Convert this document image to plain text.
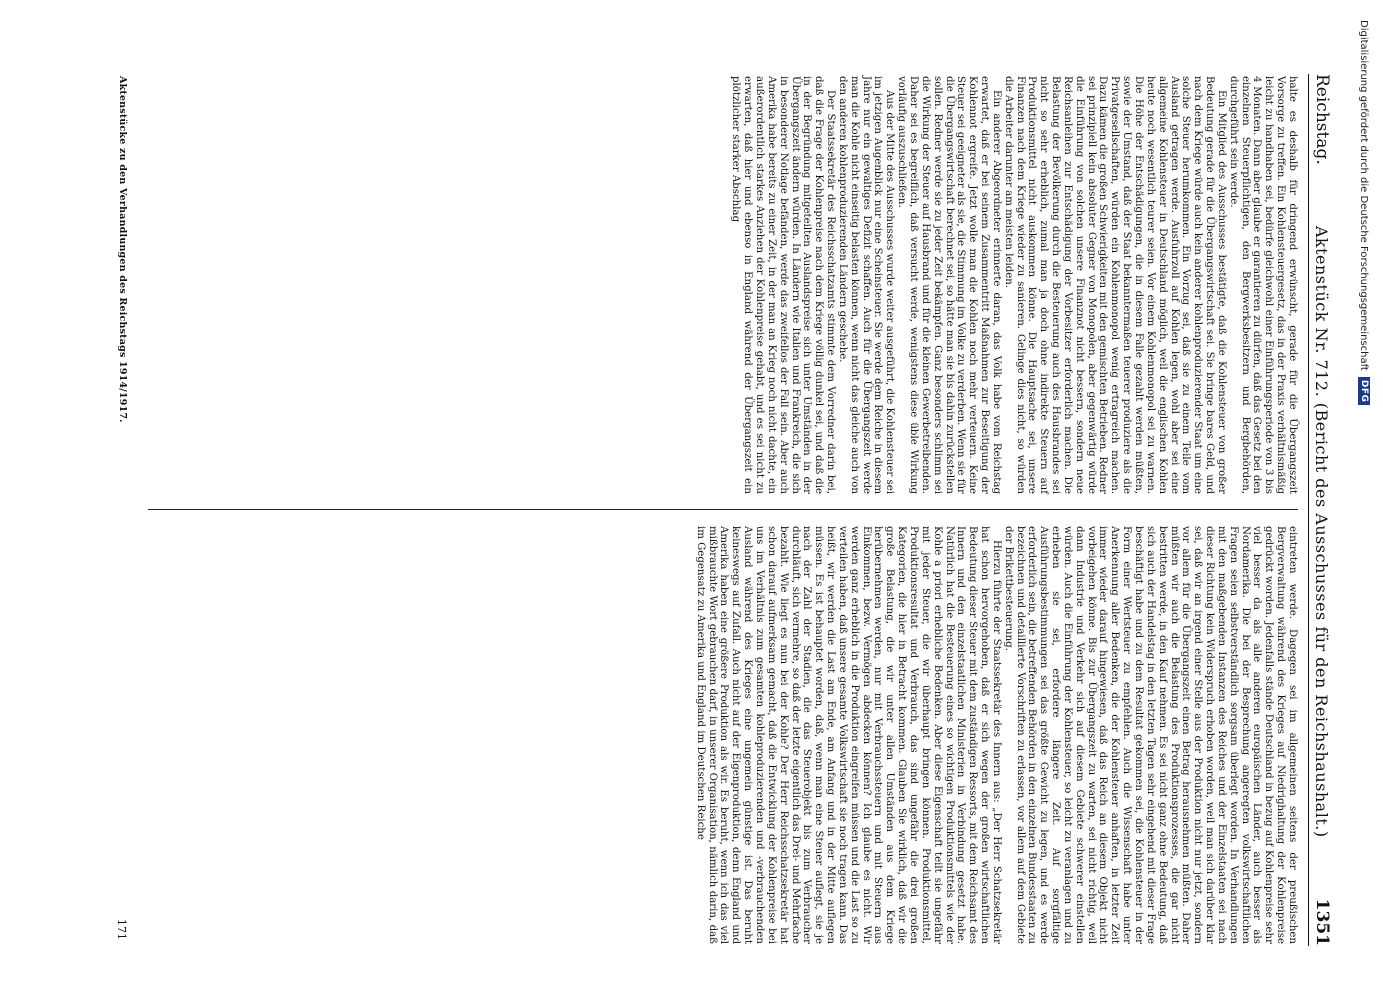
Reichstag.
Aktenstück Nr. 712. (Bericht des Ausschusses für den Reichshaushalt.)
1351

halte es deshalb für dringend erwünscht, gerade für die Übergangszeit Vorsorge zu treffen. Ein Kohlensteuergesetz, das in der Praxis verhältnismäßig leicht zu handhaben sei, bedürfe gleichwohl einer Einführungsperiode von 3 bis 4 Monaten. Dann aber glaube er garantieren zu dürfen, daß das Gesetz bei den einzelnen Steuerpflichtigen, den Bergwerksbesitzern und Bergbehörden, durchgeführt sein werde.

Ein Mitglied des Ausschusses bestätigte, daß die Kohlensteuer von großer Bedeutung gerade für die Übergangswirtschaft sei. Sie bringe bares Geld, und nach dem Kriege würde auch kein anderer kohlenproduzierender Staat um eine solche Steuer herumkommen. Ein Vorzug sei, daß sie zu einem Teile vom Ausland getragen werde. Ausfuhrzoll auf Kohlen legen, wohl aber sei eine allgemeine Kohlensteuer in Deutschland möglich, weil die englischen Kohlen heute noch wesentlich teurer seien. Vor einem Kohlenmonopol sei zu warnen. Die Höhe der Entschädigungen, die in diesem Falle gezahlt werden müßten, sowie der Umstand, daß der Staat bekanntermaßen teuerer produziere als die Privatgesellschaften, würden ein Kohlenmonopol wenig ertragreich machen. Dazu kämen die großen Schwierigkeiten mit den gemischten Betrieben. Redner sei prinzipiell kein absoluter Gegner von Monopolen, aber gegenwärtig würde die Einführung von solchen unsere Finanznot nicht bessern, sondern neue Reichsanleihen zur Entschädigung der Vorbesitzer erforderlich machen. Die Belastung der Bevölkerung durch die Besteuerung auch des Hausbrandes sei nicht so sehr erheblich, zumal man ja doch ohne indirekte Steuern auf Produktionsmittel nicht auskommen könne. Die Hauptsache sei, unsere Finanzen nach dem Kriege wieder zu sanieren. Gelinge dies nicht, so würden die Arbeiter darunter am meisten leiden.

Ein anderer Abgeordneter erinnerte daran, das Volk habe vom Reichstag erwartet, daß er bei seinem Zusammentritt Maßnahmen zur Beseitigung der Kohlennot ergreife. Jetzt wolle man die Kohlen noch mehr verteuern. Keine Steuer sei geeigneter als sie, die Stimmung im Volke zu verderben. Wenn sie für die Übergangswirtschaft berechnet sei, so hätte man sie bis dahin zurückstellen sollen. Redner werde sie zu jeder Zeit bekämpfen. Ganz besonders schlimm sei die Wirkung der Steuer auf Hausbrand und für die kleinen Gewerbetreibenden. Daher sei es begreiflich, daß versucht werde, wenigstens diese üble Wirkung vorläufig auszuschließen.

Aus der Mitte des Ausschusses wurde weiter ausgeführt, die Kohlensteuer sei im jetzigen Augenblick nur eine Scheinsteuer. Sie werde dem Reiche in diesem Jahre nur ein gewaltiges Defizit schaffen. Auch für die Übergangszeit werde man die Kohle nicht einseitig belasten können, wenn nicht das gleiche auch von den anderen kohlenproduzierenden Ländern geschehe.

Der Staatssekretär des Reichsschatzamts stimmte dem Vorredner darin bei, daß die Frage der Kohlenpreise nach dem Kriege völlig dunkel sei, und daß die in der Begründung mitgeteilten Auslandspreise sich unter Umständen in der Übergangszeit ändern würden. In Ländern wie Italien und Frankreich, die sich in besonderer Notlage befänden, werde das zweifellos der Fall sein. Aber auch Amerika habe bereits zu einer Zeit, in der man an Krieg noch nicht dachte, ein außerordentlich starkes Anziehen der Kohlenpreise gehabt, und es sei nicht zu erwarten, daß hier und ebenso in England während der Übergangszeit ein plötzlicher starker Abschlag

eintreten werde. Dagegen sei im allgemeinen seitens der preußischen Bergverwaltung während des Krieges auf Niedrighaltung der Kohlenpreise gedrückt worden. Jedenfalls stände Deutschland in bezug auf Kohlenpreise sehr viel besser da als alle anderen europäischen Länder, auch besser als Nordamerika. Die bei der Besprechung angeregten volkswirtschaftlichen Fragen seien selbstverständlich sorgsam überlegt worden. In Verhandlungen mit den maßgebenden Instanzen des Reiches und der Einzelstaaten sei nach dieser Richtung kein Widerspruch erhoben worden, weil man sich darüber klar sei, daß wir an irgend einer Stelle aus der Produktion nicht nur jetzt, sondern vor allem für die Übergangszeit einen Betrag herausnehmen müßten. Daher müßten wir auch die Belastung des Produktionsprozesses, die gar nicht bestritten werde, in den Kauf nehmen. Es sei nicht ganz ohne Bedeutung, daß sich auch der Handelstag in den letzten Tagen sehr eingehend mit dieser Frage beschäftigt habe und zu dem Resultat gekommen sei, die Kohlensteuer in der Form einer Wertsteuer zu empfehlen. Auch die Wissenschaft habe unter Anerkennung aller Bedenken, die der Kohlensteuer anhaften, in letzter Zeit immer wieder darauf hingewiesen, daß das Reich an diesem Objekt nicht vorbeigehen könne. Bis zur Übergangszeit zu warten, sei nicht richtig, weil dann Industrie und Verkehr sich auf diesem Gebiete schwerer einstellen würden. Auch die Einführung der Kohlensteuer, so leicht zu veranlagen und zu erheben sie sei, erfordere längere Zeit. Auf sorgfältige Ausführungsbestimmungen sei das größte Gewicht zu legen, und es werde erforderlich sein, die betreffenden Behörden in den einzelnen Bundesstaaten zu bezeichnen und detaillierte Vorschriften zu erlassen, vor allem auf dem Gebiete der Brikettbesteuerung.

Hierzu führte der Staatssekretär des Innern aus: „Der Herr Schatzsekretär hat schon hervorgehoben, daß er sich wegen der großen wirtschaftlichen Bedeutung dieser Steuer mit dem zuständigen Ressorts, mit dem Reichsamt des Innern und den einzelstaatlichen Ministerien in Verbindung gesetzt habe. Natürlich hat die Besteuerung eines so wichtigen Produktionsmittels wie der Kohle a priori erhebliche Bedenken. Aber diese Eigenschaft teilt sie ungefähr mit jeder Steuer, die wir überhaupt bringen können. Produktionsmittel, Produktionsresultat und Verbrauch, das sind ungefähr die drei großen Kategorien, die hier in Betracht kommen. Glauben Sie wirklich, daß wir die große Belastung, die wir unter allen Umständen aus dem Kriege herübernehmen werden, nur mit Verbrauchssteuern und mit Steuern aus Einkommen, bezw. Vermögen abdecken können? Ich glaube es nicht. Wir werden ganz erheblich in die Produktion eingreifen müssen und die Last so zu verteilen haben, daß unsere gesamte Volkswirtschaft sie noch tragen kann. Das heißt, wir werden die Last am Ende, am Anfang und in der Mitte auflegen müssen. Es ist behauptet worden, daß, wenn man eine Steuer auflegt, sie je nach der Zahl der Stadien, die das Steuerobjekt bis zum Verbraucher durchläuft, sich vermehre, so daß der letzte eigentlich das Drei- und Mehrfache bezahlt. Wie liegt es nun bei der Kohle? Der Herr Reichsschatzsekretär hat schon darauf aufmerksam gemacht, daß die Entwicklung der Kohlenpreise bei uns im Verhältnis zum gesamten kohleproduzierenden und -verbrauchenden Ausland während des Krieges eine ungemein günstige ist. Das beruht keineswegs auf Zufall. Auch nicht auf der Eigenproduktion, denn England und Amerika haben eine größere Produktion als wir. Es beruht, wenn ich das viel mißbrauchte Wort gebrauchen darf, in unserer Organisation, nämlich darin, daß im Gegensatz zu Amerika und England im Deutschen Reiche

Aktenstücke zu den Verhandlungen des Reichstags 1914/1917.
171
Digitalisierung gefördert durch die Deutsche Forschungsgemeinschaft
DFG
